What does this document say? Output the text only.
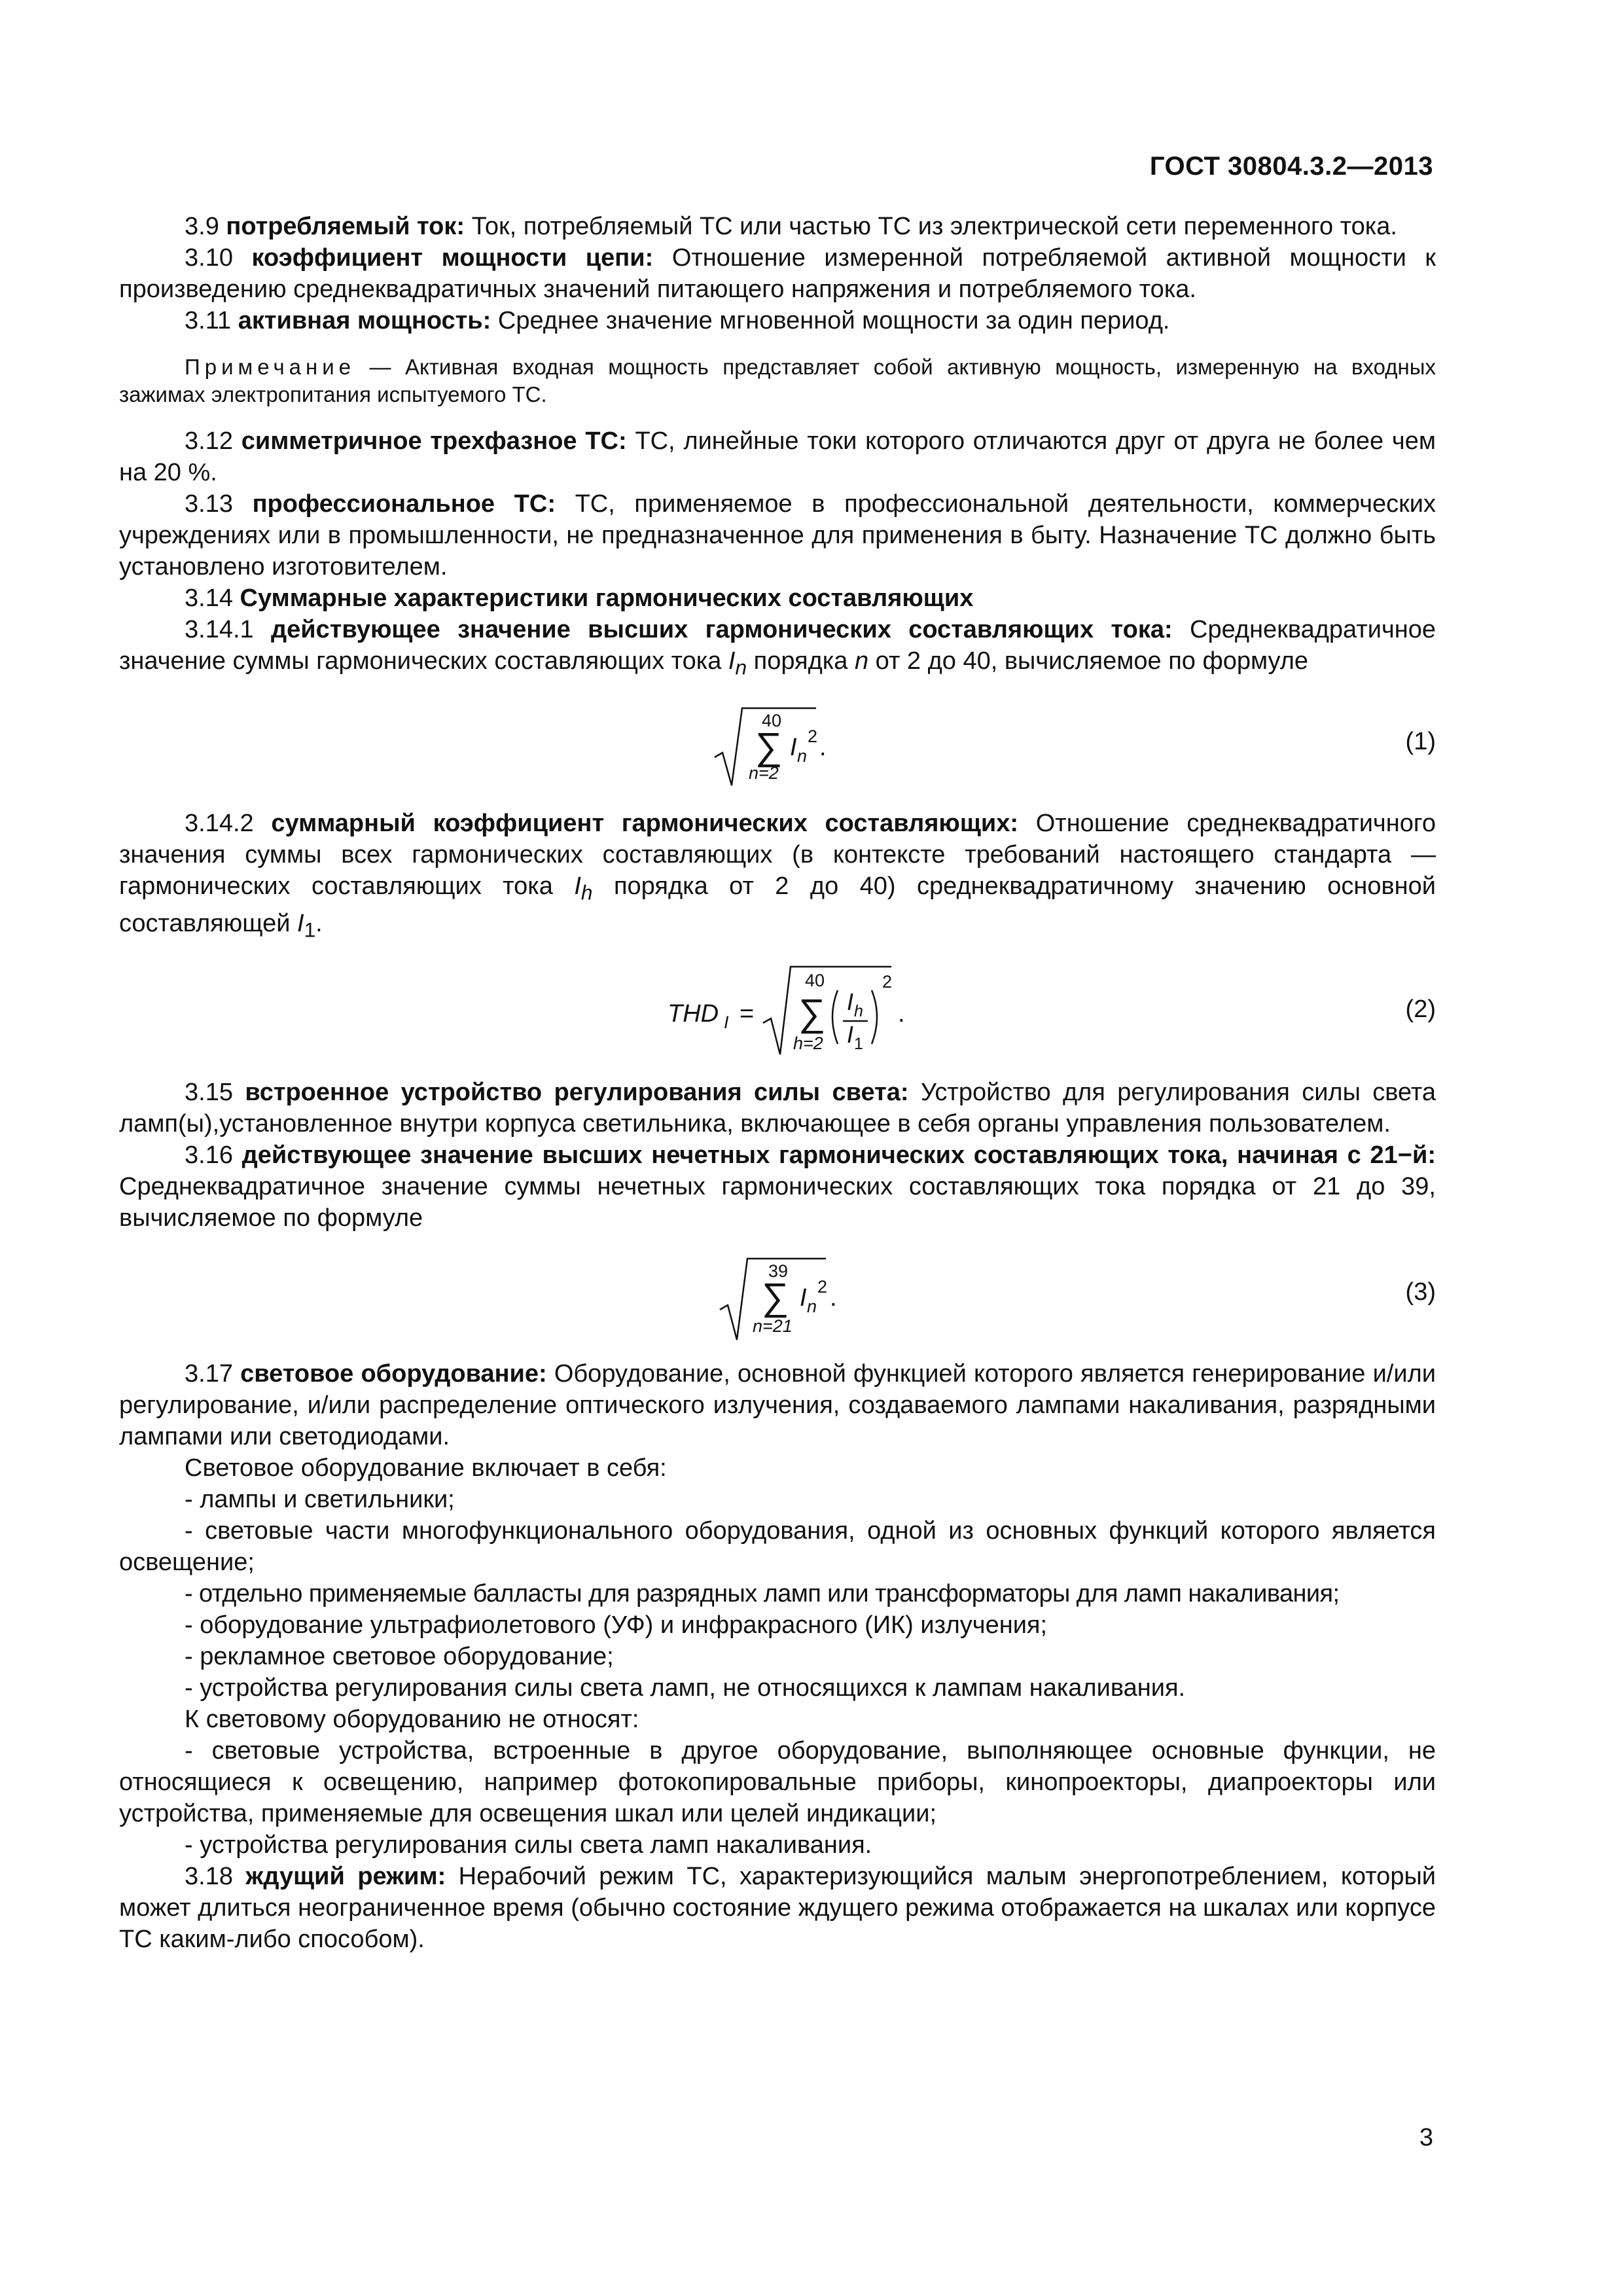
ГОСТ 30804.3.2—2013

3.9 потребляемый ток: Ток, потребляемый ТС или частью ТС из электрической сети переменного тока.

3.10 коэффициент мощности цепи: Отношение измеренной потребляемой активной мощности к произведению среднеквадратичных значений питающего напряжения и потребляемого тока.

3.11 активная мощность: Среднее значение мгновенной мощности за один период.

Примечание — Активная входная мощность представляет собой активную мощность, измеренную на входных зажимах электропитания испытуемого ТС.

3.12 симметричное трехфазное ТС: ТС, линейные токи которого отличаются друг от друга не более чем на 20 %.

3.13 профессиональное ТС: ТС, применяемое в профессиональной деятельности, коммерческих учреждениях или в промышленности, не предназначенное для применения в быту. Назначение ТС должно быть установлено изготовителем.

3.14 Суммарные характеристики гармонических составляющих

3.14.1 действующее значение высших гармонических составляющих тока: Среднеквадратичное значение суммы гармонических составляющих тока $I_n$ порядка n от 2 до 40, вычисляемое по формуле

40
∑
n=2
I n
2 .	(1)

3.14.2 суммарный коэффициент гармонических составляющих: Отношение среднеквадратичного значения суммы всех гармонических составляющих (в контексте требований настоящего стандарта — гармонических составляющих тока $I_h$ порядка от 2 до 40) среднеквадратичному значению основной составляющей $I_1$.

THD I =
40
∑
h=2
I h
I 1
2
.	(2)

3.15 встроенное устройство регулирования силы света: Устройство для регулирования силы света ламп(ы),установленное внутри корпуса светильника, включающее в себя органы управления пользователем.

3.16 действующее значение высших нечетных гармонических составляющих тока, начиная с 21−й: Среднеквадратичное значение суммы нечетных гармонических составляющих тока порядка от 21 до 39, вычисляемое по формуле

39
∑
n=21
I n
2 .	(3)

3.17 световое оборудование: Оборудование, основной функцией которого является генерирование и/или регулирование, и/или распределение оптического излучения, создаваемого лампами накаливания, разрядными лампами или светодиодами.

Световое оборудование включает в себя:

- лампы и светильники;

- световые части многофункционального оборудования, одной из основных функций которого является освещение;

- отдельно применяемые балласты для разрядных ламп или трансформаторы для ламп накаливания;

- оборудование ультрафиолетового (УФ) и инфракрасного (ИК) излучения;

- рекламное световое оборудование;

- устройства регулирования силы света ламп, не относящихся к лампам накаливания.

К световому оборудованию не относят:

- световые устройства, встроенные в другое оборудование, выполняющее основные функции, не относящиеся к освещению, например фотокопировальные приборы, кинопроекторы, диапроекторы или устройства, применяемые для освещения шкал или целей индикации;

- устройства регулирования силы света ламп накаливания.

3.18 ждущий режим: Нерабочий режим ТС, характеризующийся малым энергопотреблением, который может длиться неограниченное время (обычно состояние ждущего режима отображается на шкалах или корпусе ТС каким-либо способом).

3
